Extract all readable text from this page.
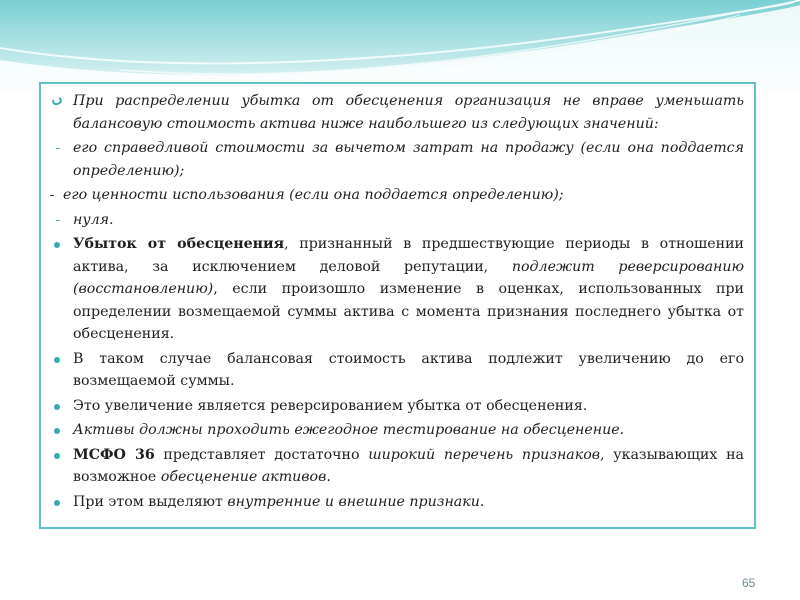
При распределении убытка от обесценения организация не вправе уменьшать балансовую стоимость актива ниже наибольшего из следующих значений:
-
его справедливой стоимости за вычетом затрат на продажу (если она поддается определению);
-
его ценности использования (если она поддается определению);
-
нуля.
Убыток от обесценения, признанный в предшествующие периоды в отношении актива, за исключением деловой репутации, подлежит реверсированию (восстановлению), если произошло изменение в оценках, использованных при определении возмещаемой суммы актива с момента признания последнего убытка от обесценения.
В таком случае балансовая стоимость актива подлежит увеличению до его возмещаемой суммы.
Это увеличение является реверсированием убытка от обесценения.
Активы должны проходить ежегодное тестирование на обесценение.
МСФО 36 представляет достаточно широкий перечень признаков, указывающих на возможное обесценение активов.
При этом выделяют внутренние и внешние признаки.
65
